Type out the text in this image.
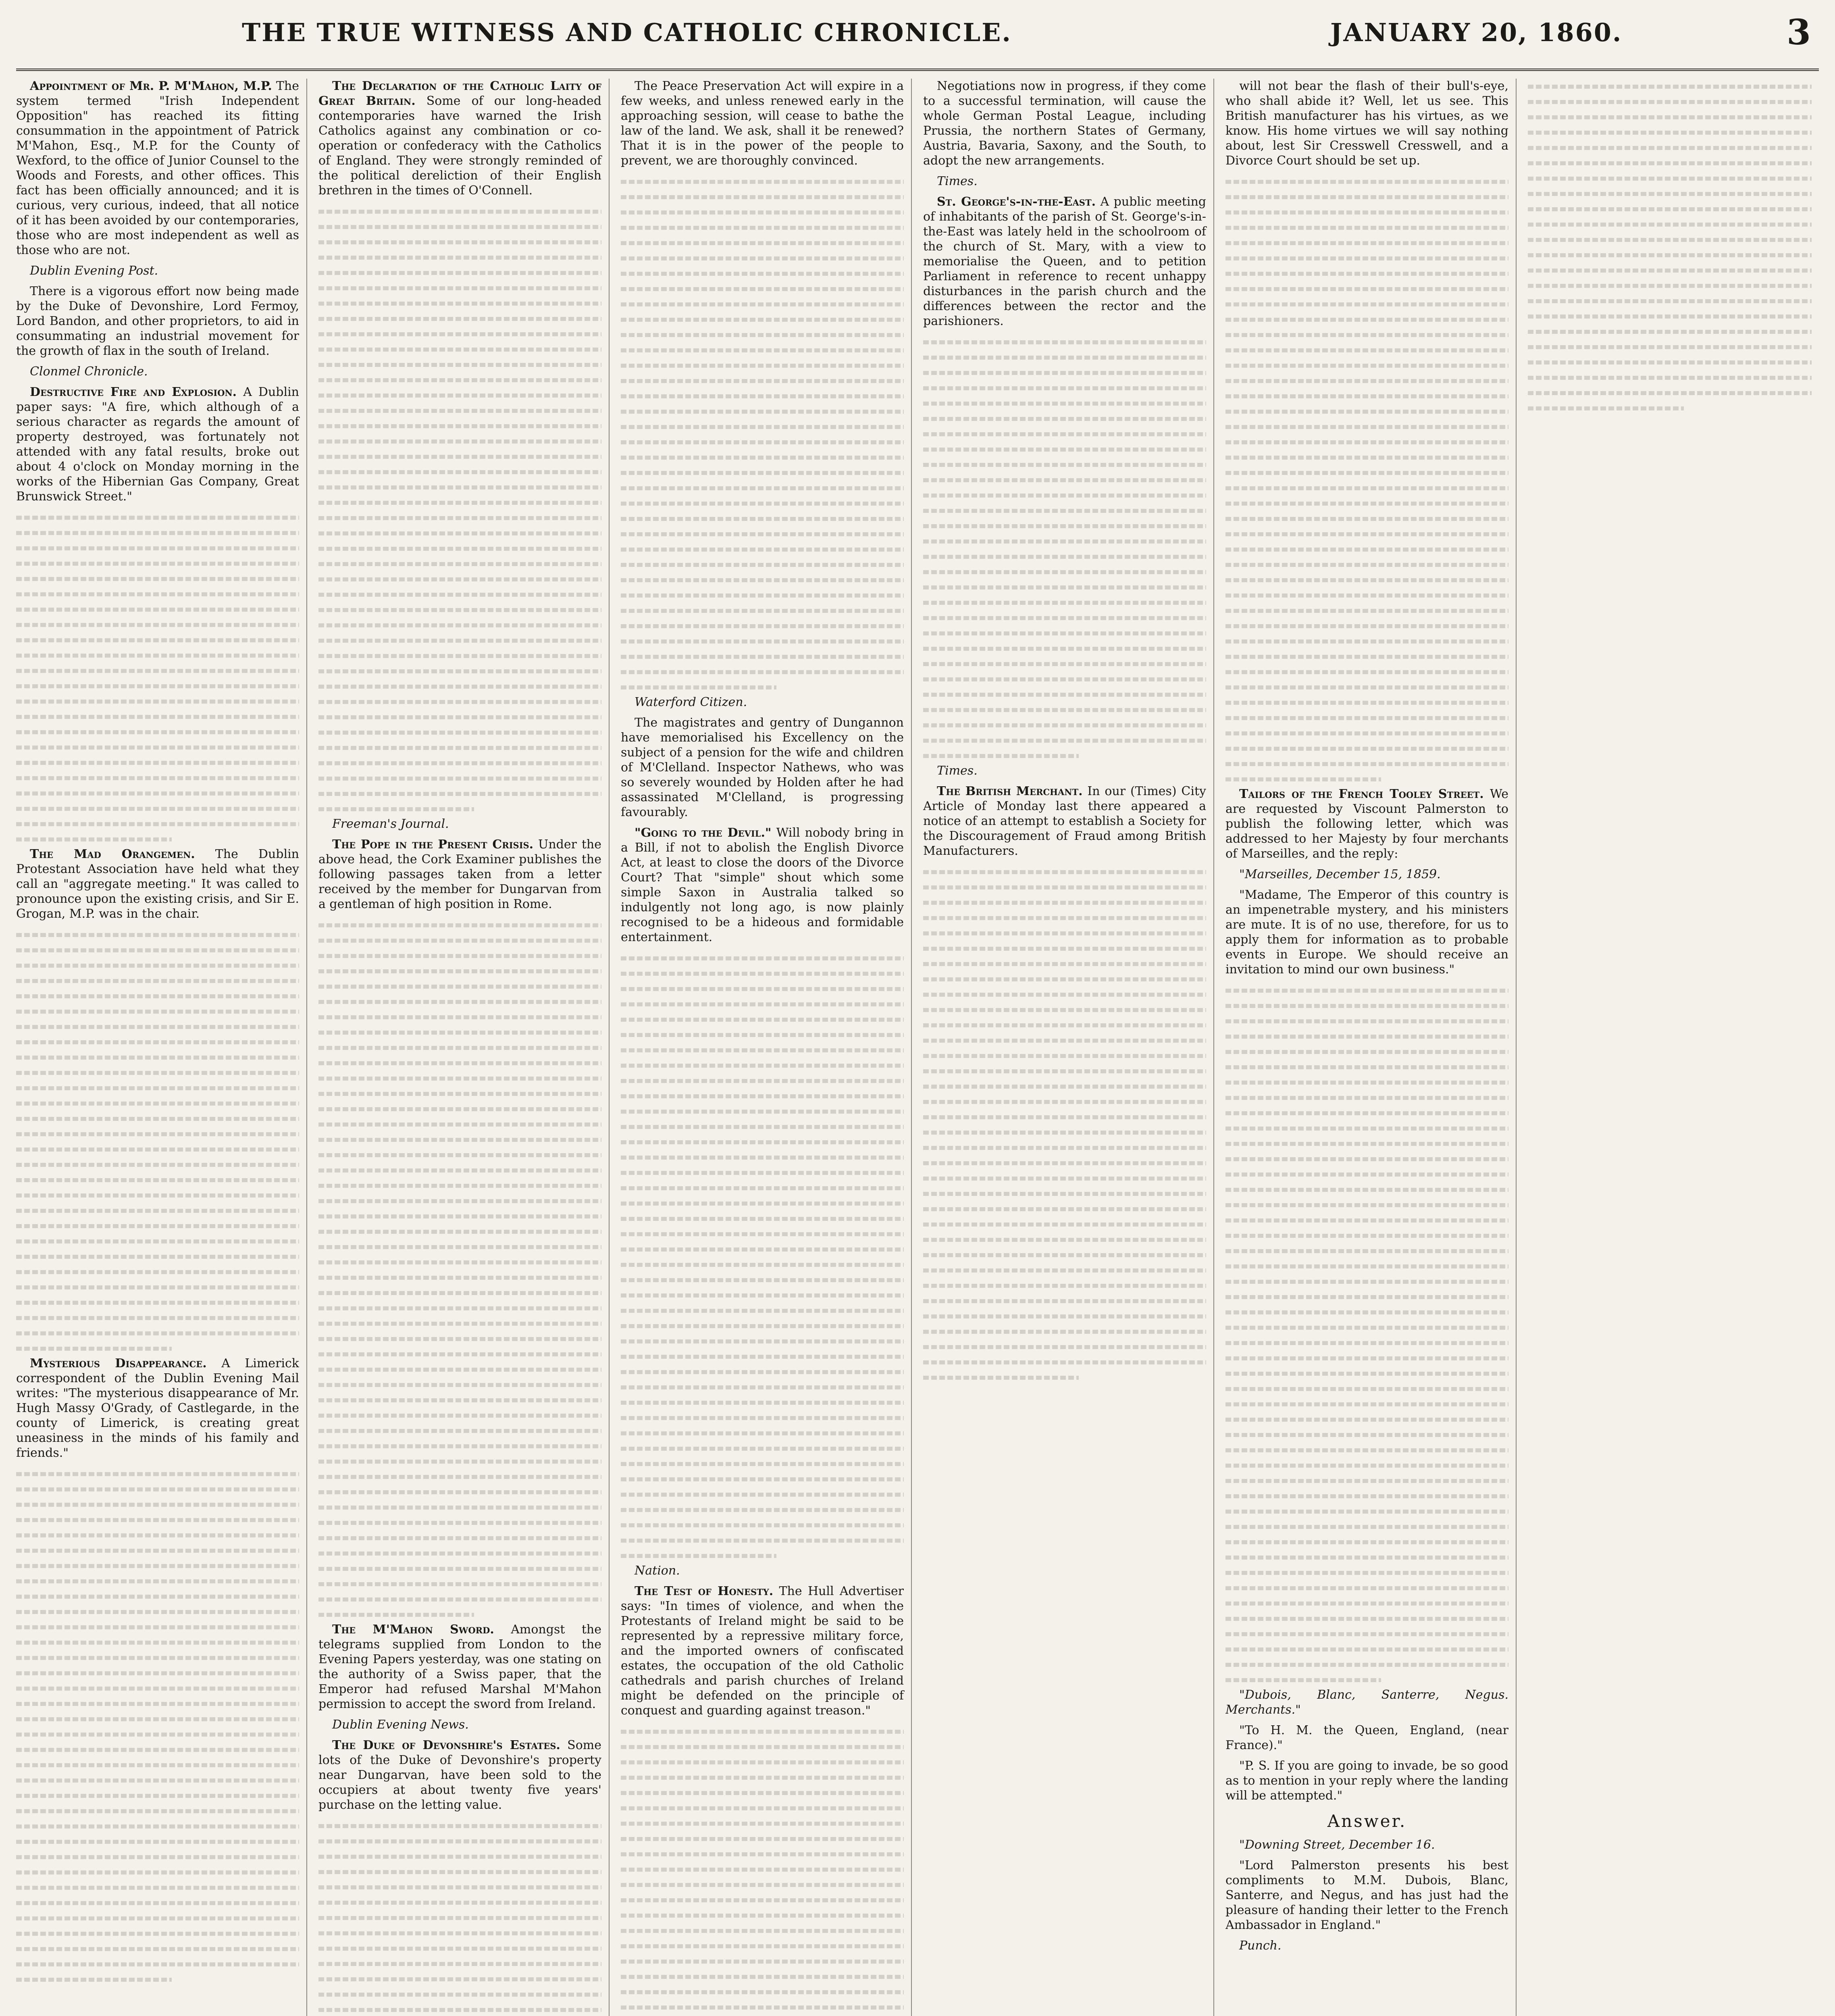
THE TRUE WITNESS AND CATHOLIC CHRONICLE.	JANUARY 20, 1860.	3

Appointment of Mr. P. M'Mahon, M.P. The system termed "Irish Independent Opposition" has reached its fitting consummation in the appointment of Patrick M'Mahon, Esq., M.P. for the County of Wexford, to the office of Junior Counsel to the Woods and Forests, and other offices. This fact has been officially announced; and it is curious, very curious, indeed, that all notice of it has been avoided by our contemporaries, those who are most independent as well as those who are not.

Dublin Evening Post.

There is a vigorous effort now being made by the Duke of Devonshire, Lord Fermoy, Lord Bandon, and other proprietors, to aid in consummating an industrial movement for the growth of flax in the south of Ireland.

Clonmel Chronicle.

Destructive Fire and Explosion. A Dublin paper says: "A fire, which although of a serious character as regards the amount of property destroyed, was fortunately not attended with any fatal results, broke out about 4 o'clock on Monday morning in the works of the Hibernian Gas Company, Great Brunswick Street."

The Mad Orangemen. The Dublin Protestant Association have held what they call an "aggregate meeting." It was called to pronounce upon the existing crisis, and Sir E. Grogan, M.P. was in the chair.

Mysterious Disappearance. A Limerick correspondent of the Dublin Evening Mail writes: "The mysterious disappearance of Mr. Hugh Massy O'Grady, of Castlegarde, in the county of Limerick, is creating great uneasiness in the minds of his family and friends."

The Declaration of the Catholic Laity of Great Britain. Some of our long-headed contemporaries have warned the Irish Catholics against any combination or co-operation or confederacy with the Catholics of England. They were strongly reminded of the political dereliction of their English brethren in the times of O'Connell.

Freeman's Journal.

The Pope in the Present Crisis. Under the above head, the Cork Examiner publishes the following passages taken from a letter received by the member for Dungarvan from a gentleman of high position in Rome.

The M'Mahon Sword. Amongst the telegrams supplied from London to the Evening Papers yesterday, was one stating on the authority of a Swiss paper, that the Emperor had refused Marshal M'Mahon permission to accept the sword from Ireland.

Dublin Evening News.

The Duke of Devonshire's Estates. Some lots of the Duke of Devonshire's property near Dungarvan, have been sold to the occupiers at about twenty five years' purchase on the letting value.

The Peace Preservation Act will expire in a few weeks, and unless renewed early in the approaching session, will cease to bathe the law of the land. We ask, shall it be renewed? That it is in the power of the people to prevent, we are thoroughly convinced.

Waterford Citizen.

The magistrates and gentry of Dungannon have memorialised his Excellency on the subject of a pension for the wife and children of M'Clelland. Inspector Nathews, who was so severely wounded by Holden after he had assassinated M'Clelland, is progressing favourably.

"Going to the Devil." Will nobody bring in a Bill, if not to abolish the English Divorce Act, at least to close the doors of the Divorce Court? That "simple" shout which some simple Saxon in Australia talked so indulgently not long ago, is now plainly recognised to be a hideous and formidable entertainment.

Nation.

The Test of Honesty. The Hull Advertiser says: "In times of violence, and when the Protestants of Ireland might be said to be represented by a repressive military force, and the imported owners of confiscated estates, the occupation of the old Catholic cathedrals and parish churches of Ireland might be defended on the principle of conquest and guarding against treason."

Negotiations now in progress, if they come to a successful termination, will cause the whole German Postal League, including Prussia, the northern States of Germany, Austria, Bavaria, Saxony, and the South, to adopt the new arrangements.

Times.

St. George's-in-the-East. A public meeting of inhabitants of the parish of St. George's-in-the-East was lately held in the schoolroom of the church of St. Mary, with a view to memorialise the Queen, and to petition Parliament in reference to recent unhappy disturbances in the parish church and the differences between the rector and the parishioners.

Times.

The British Merchant. In our (Times) City Article of Monday last there appeared a notice of an attempt to establish a Society for the Discouragement of Fraud among British Manufacturers.

will not bear the flash of their bull's-eye, who shall abide it? Well, let us see. This British manufacturer has his virtues, as we know. His home virtues we will say nothing about, lest Sir Cresswell Cresswell, and a Divorce Court should be set up.

Tailors of the French Tooley Street. We are requested by Viscount Palmerston to publish the following letter, which was addressed to her Majesty by four merchants of Marseilles, and the reply:

"Marseilles, December 15, 1859.

"Madame, The Emperor of this country is an impenetrable mystery, and his ministers are mute. It is of no use, therefore, for us to apply them for information as to probable events in Europe. We should receive an invitation to mind our own business."

"Dubois, Blanc, Santerre, Negus. Merchants."

"To H. M. the Queen, England, (near France)."

"P. S. If you are going to invade, be so good as to mention in your reply where the landing will be attempted."

Answer.

"Downing Street, December 16.

"Lord Palmerston presents his best compliments to M.M. Dubois, Blanc, Santerre, and Negus, and has just had the pleasure of handing their letter to the French Ambassador in England."

Punch.
